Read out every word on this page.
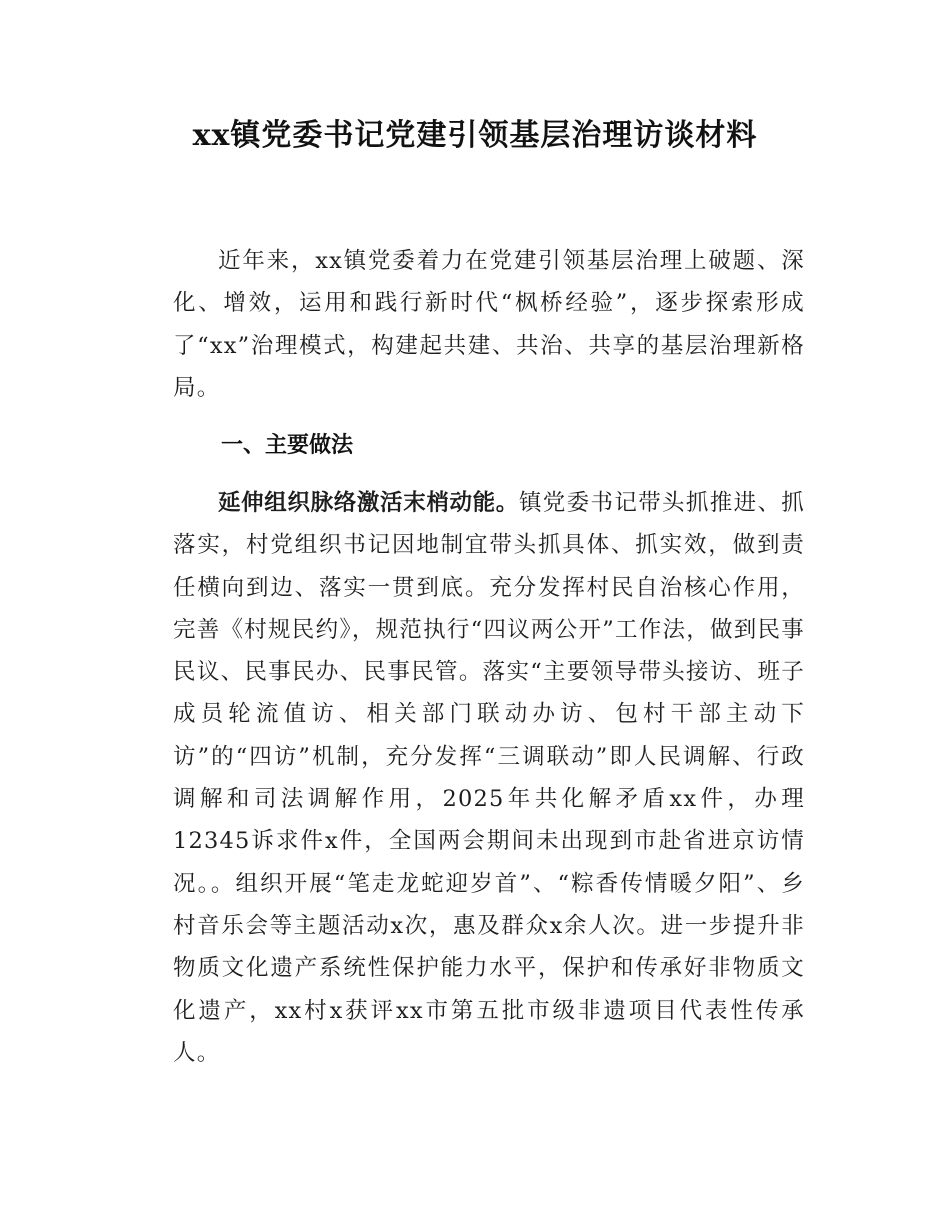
xx镇党委书记党建引领基层治理访谈材料

近年来，xx镇党委着力在党建引领基层治理上破题、深化、增效，运用和践行新时代“枫桥经验”，逐步探索形成了“xx”治理模式，构建起共建、共治、共享的基层治理新格局。

一、主要做法

延伸组织脉络激活末梢动能。镇党委书记带头抓推进、抓落实，村党组织书记因地制宜带头抓具体、抓实效，做到责任横向到边、落实一贯到底。充分发挥村民自治核心作用，完善《村规民约》，规范执行“四议两公开”工作法，做到民事民议、民事民办、民事民管。落实“主要领导带头接访、班子成员轮流值访、相关部门联动办访、包村干部主动下访”的“四访”机制，充分发挥“三调联动”即人民调解、行政调解和司法调解作用，2025年共化解矛盾xx件，办理12345诉求件x件，全国两会期间未出现到市赴省进京访情况。。组织开展“笔走龙蛇迎岁首”、“粽香传情暖夕阳”、乡村音乐会等主题活动x次，惠及群众x余人次。进一步提升非物质文化遗产系统性保护能力水平，保护和传承好非物质文化遗产，xx村x获评xx市第五批市级非遗项目代表性传承人。
